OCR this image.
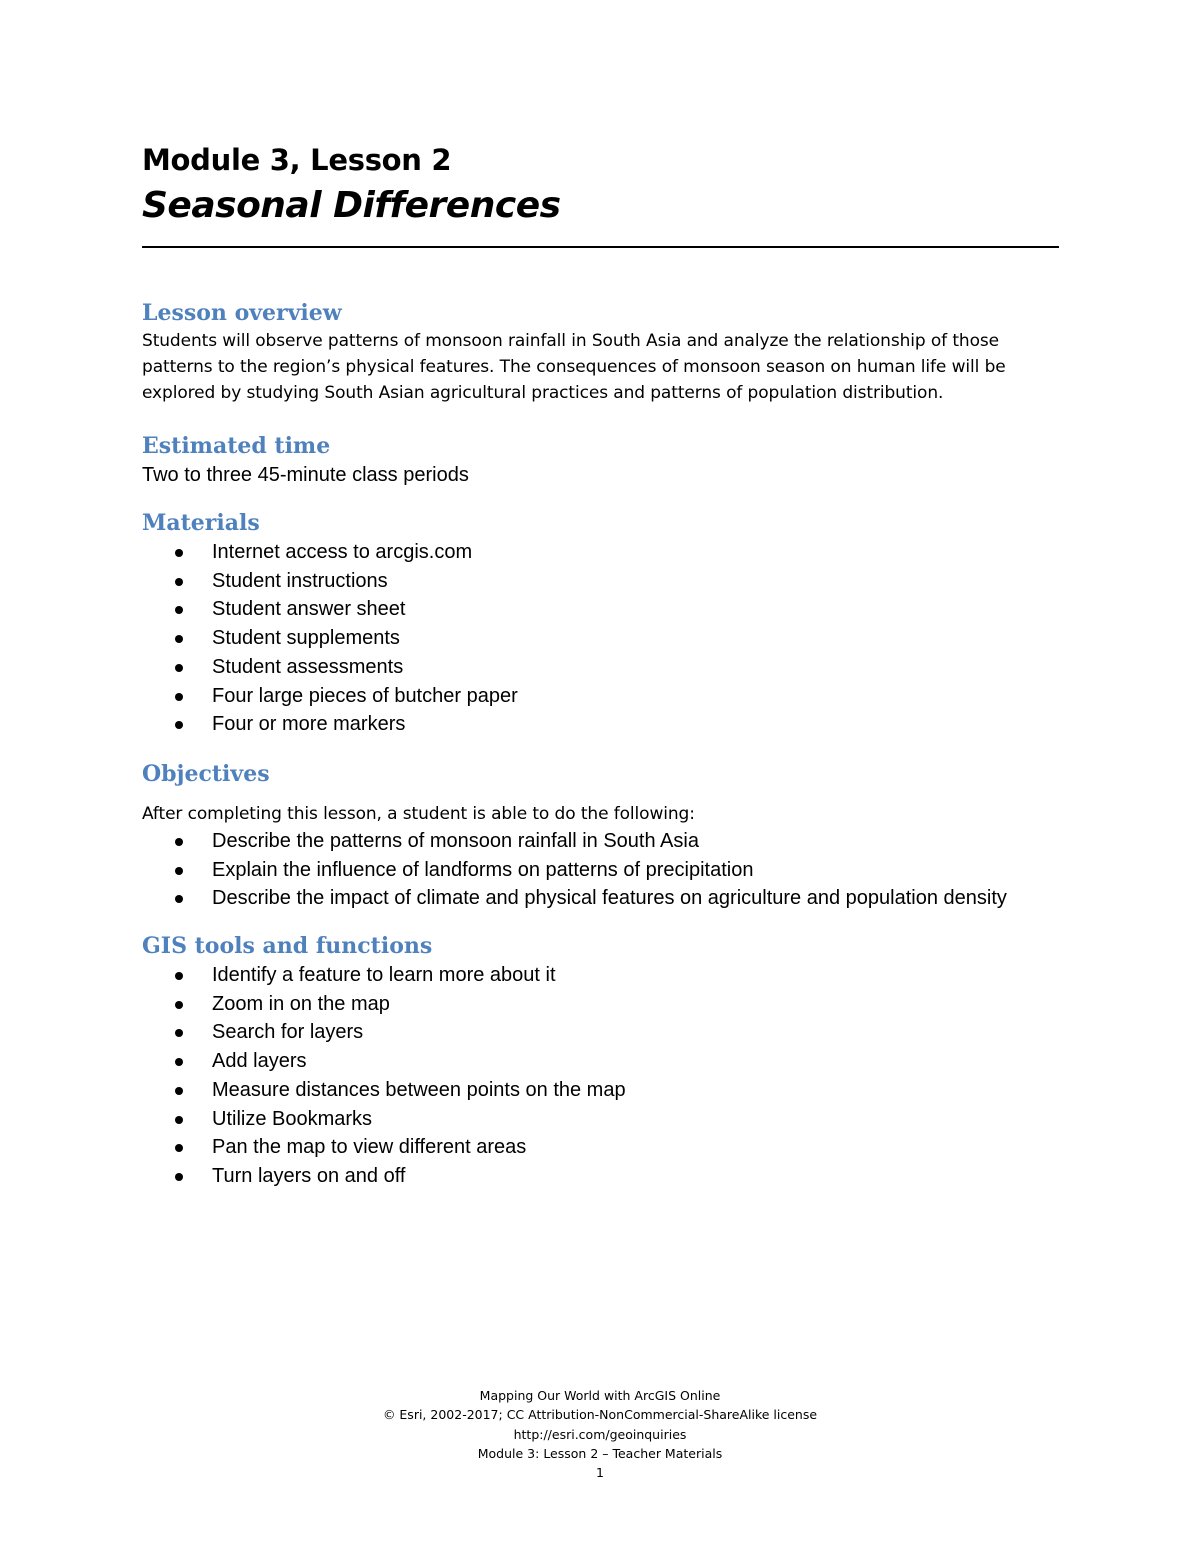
Module 3, Lesson 2
Seasonal Differences
Lesson overview

Students will observe patterns of monsoon rainfall in South Asia and analyze the relationship of those patterns to the region’s physical features. The consequences of monsoon season on human life will be explored by studying South Asian agricultural practices and patterns of population distribution.

Estimated time

Two to three 45-minute class periods

Materials
Internet access to arcgis.com
Student instructions
Student answer sheet
Student supplements
Student assessments
Four large pieces of butcher paper
Four or more markers
Objectives

After completing this lesson, a student is able to do the following:

Describe the patterns of monsoon rainfall in South Asia
Explain the influence of landforms on patterns of precipitation
Describe the impact of climate and physical features on agriculture and population density
GIS tools and functions
Identify a feature to learn more about it
Zoom in on the map
Search for layers
Add layers
Measure distances between points on the map
Utilize Bookmarks
Pan the map to view different areas
Turn layers on and off
Mapping Our World with ArcGIS Online
© Esri, 2002-2017; CC Attribution-NonCommercial-ShareAlike license
http://esri.com/geoinquiries
Module 3: Lesson 2 – Teacher Materials
1
